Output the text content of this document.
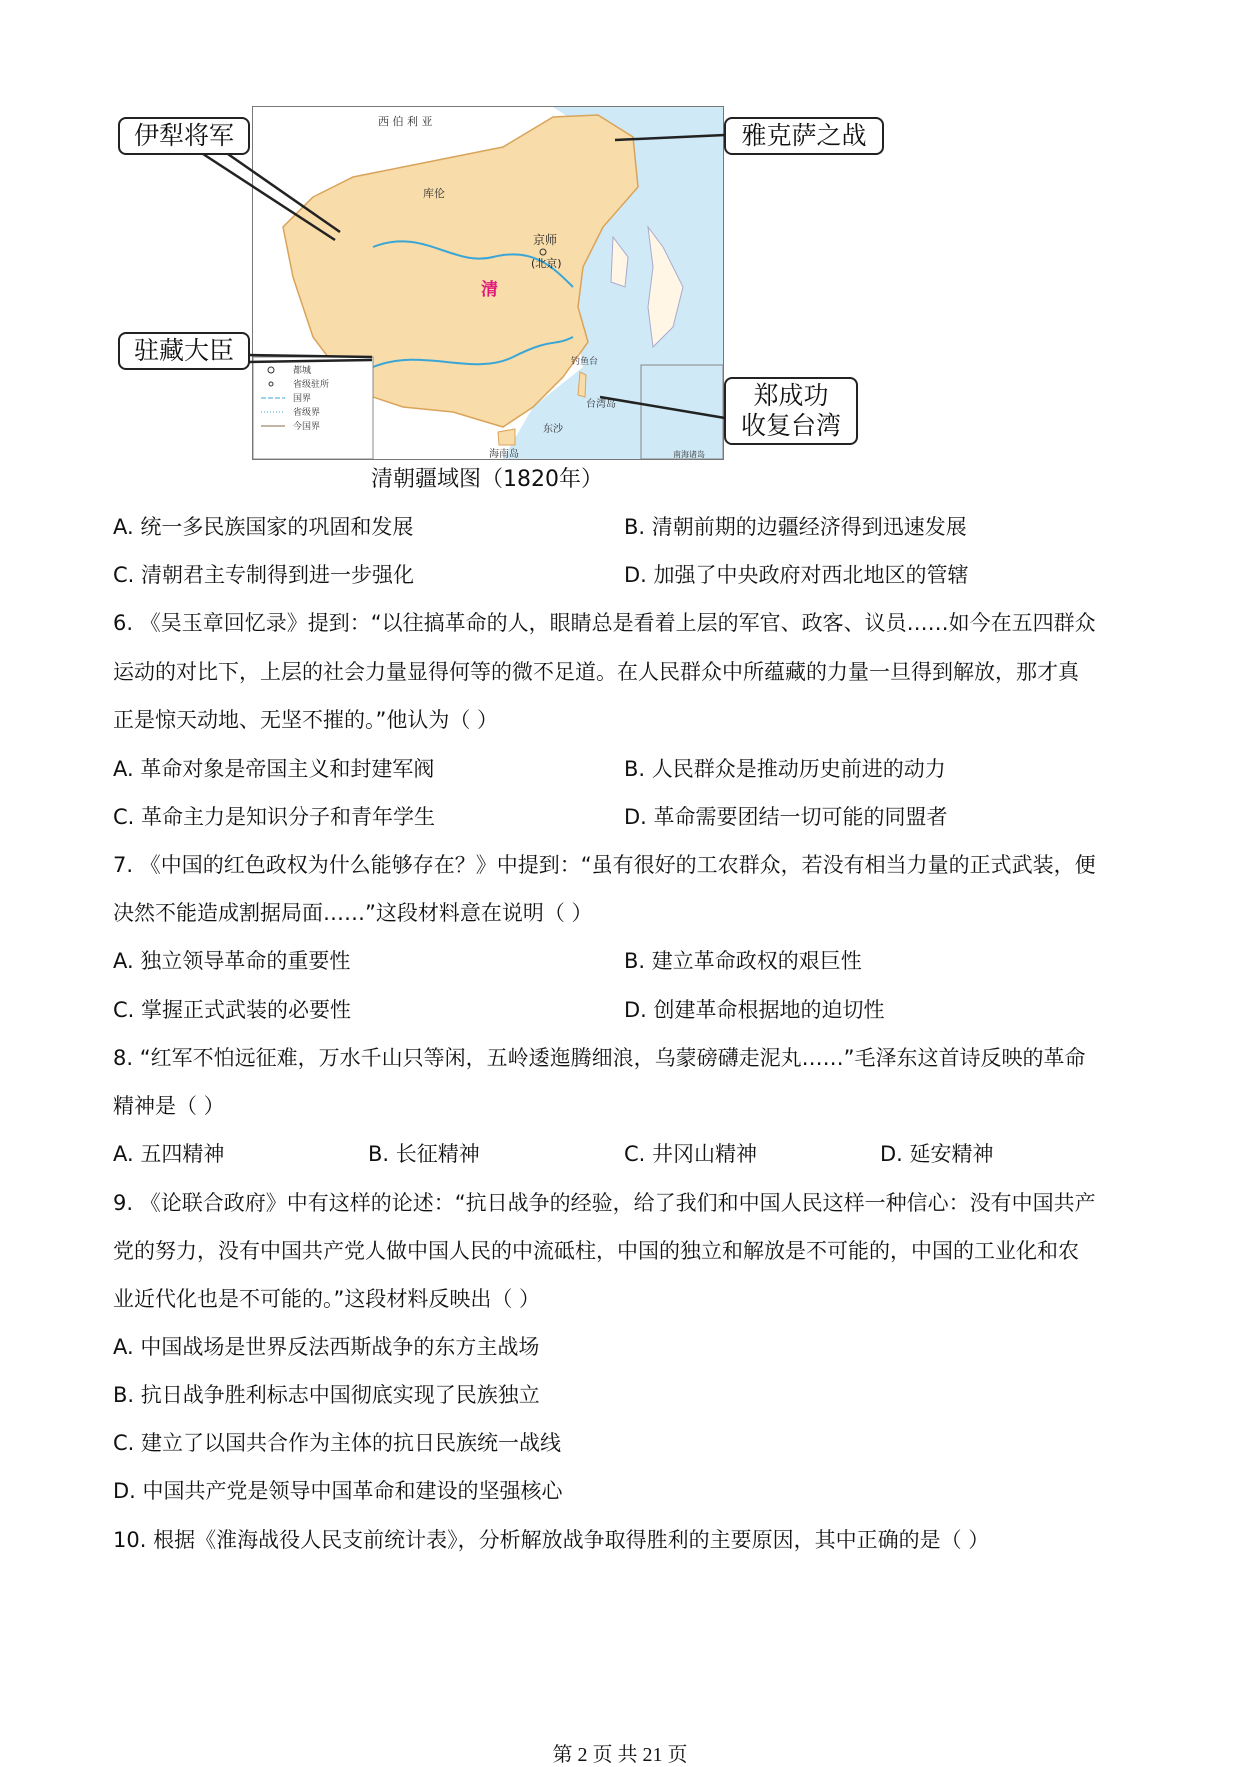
西 伯 利 亚
库伦
京师
(北京)
清
钓鱼台
台湾岛
东沙
海南岛	南海诸岛
都城
省级驻所
国界
省级界
今国界
伊犁将军	雅克萨之战
驻藏大臣
郑成功
收复台湾
清朝疆域图（1820年）
A. 统一多民族国家的巩固和发展	B. 清朝前期的边疆经济得到迅速发展
C. 清朝君主专制得到进一步强化	D. 加强了中央政府对西北地区的管辖
6. 《吴玉章回忆录》提到：“以往搞革命的人，眼睛总是看着上层的军官、政客、议员……如今在五四群众
运动的对比下，上层的社会力量显得何等的微不足道。在人民群众中所蕴藏的力量一旦得到解放，那才真
正是惊天动地、无坚不摧的。”他认为（ ）
A. 革命对象是帝国主义和封建军阀	B. 人民群众是推动历史前进的动力
C. 革命主力是知识分子和青年学生	D. 革命需要团结一切可能的同盟者
7. 《中国的红色政权为什么能够存在？》中提到：“虽有很好的工农群众，若没有相当力量的正式武装，便
决然不能造成割据局面……”这段材料意在说明（ ）
A. 独立领导革命的重要性	B. 建立革命政权的艰巨性
C. 掌握正式武装的必要性	D. 创建革命根据地的迫切性
8. “红军不怕远征难，万水千山只等闲，五岭逶迤腾细浪，乌蒙磅礴走泥丸……”毛泽东这首诗反映的革命
精神是（ ）
A. 五四精神	B. 长征精神	C. 井冈山精神	D. 延安精神
9. 《论联合政府》中有这样的论述：“抗日战争的经验，给了我们和中国人民这样一种信心：没有中国共产
党的努力，没有中国共产党人做中国人民的中流砥柱，中国的独立和解放是不可能的，中国的工业化和农
业近代化也是不可能的。”这段材料反映出（ ）
A. 中国战场是世界反法西斯战争的东方主战场
B. 抗日战争胜利标志中国彻底实现了民族独立
C. 建立了以国共合作为主体的抗日民族统一战线
D. 中国共产党是领导中国革命和建设的坚强核心
10. 根据《淮海战役人民支前统计表》，分析解放战争取得胜利的主要原因，其中正确的是（ ）
第 2 页 共 21 页
